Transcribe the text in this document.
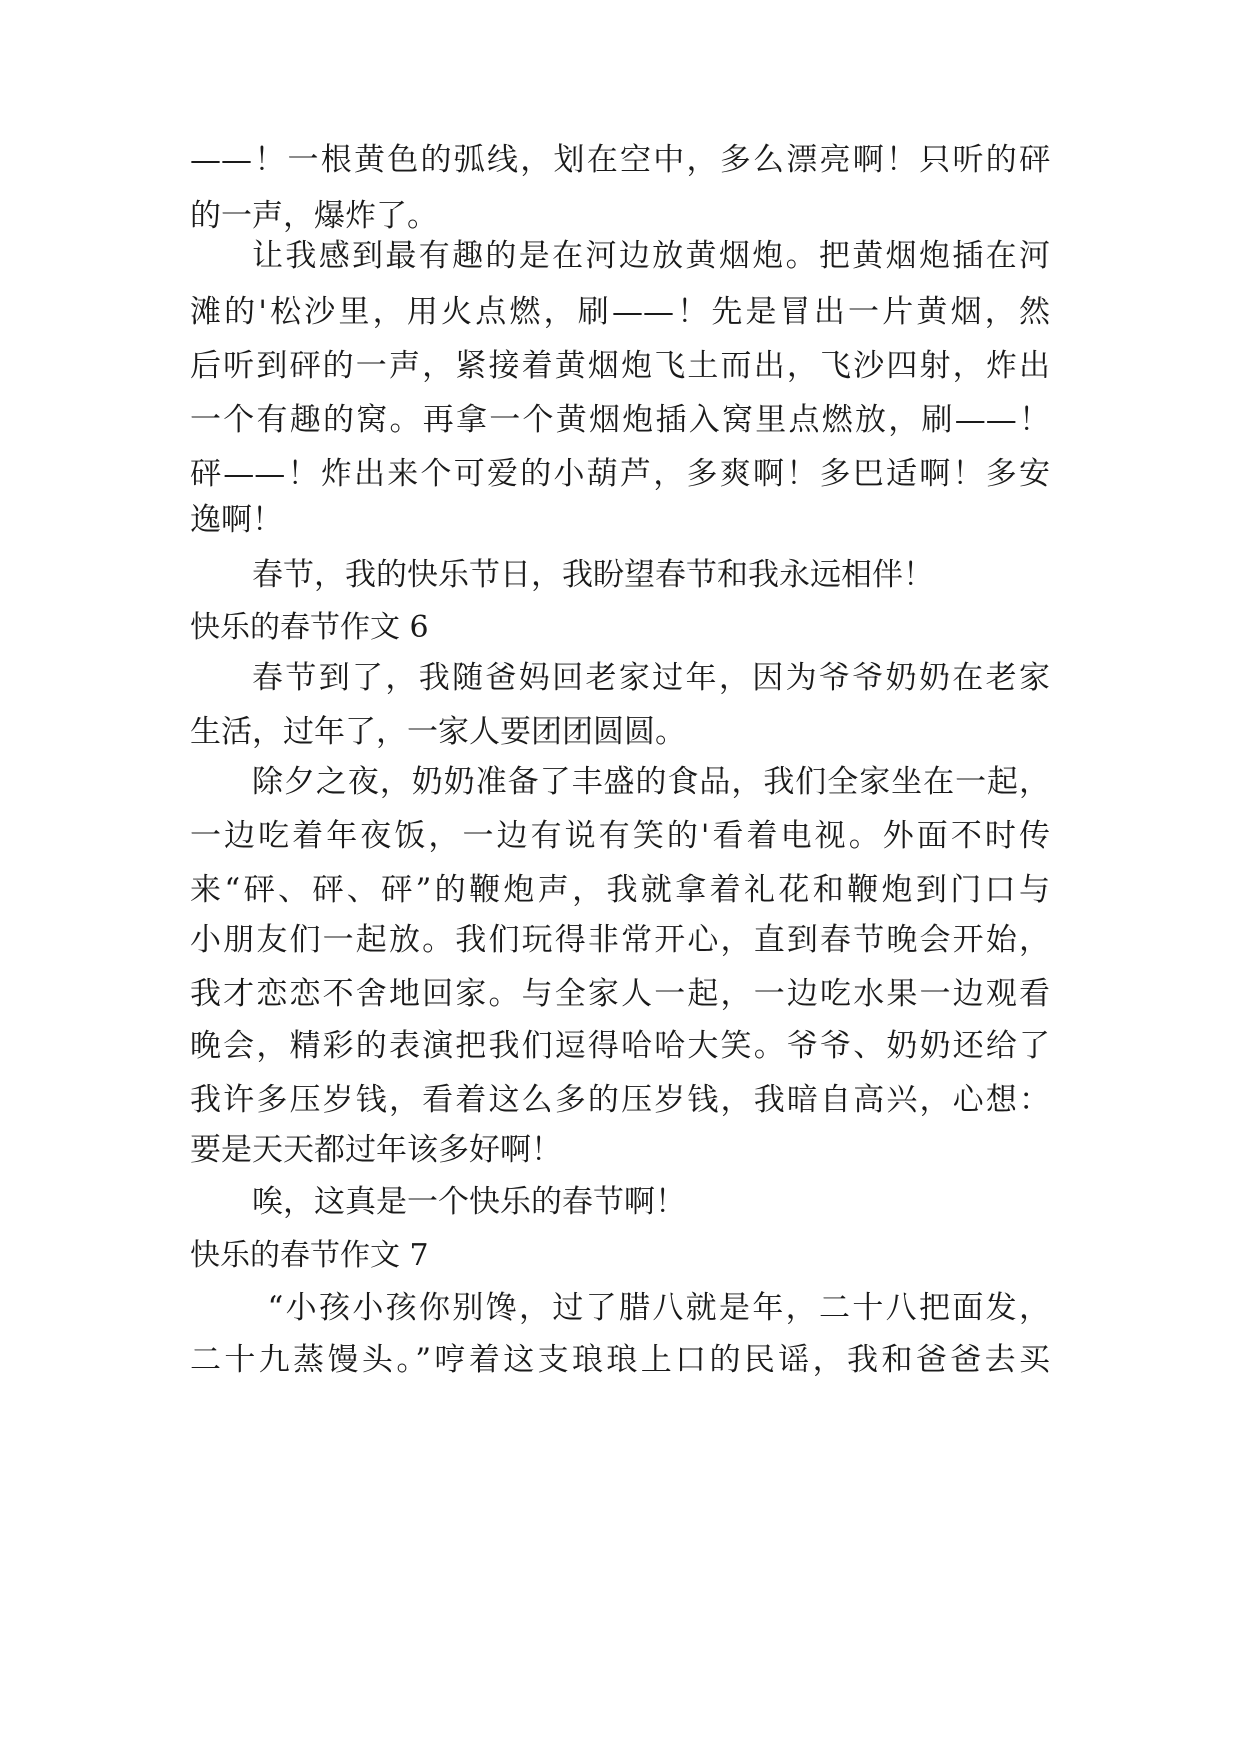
——！一根黄色的弧线，划在空中，多么漂亮啊！只听的砰
的一声，爆炸了。
让我感到最有趣的是在河边放黄烟炮。把黄烟炮插在河
滩的'松沙里，用火点燃，刷——！先是冒出一片黄烟，然
后听到砰的一声，紧接着黄烟炮飞土而出，飞沙四射，炸出
一个有趣的窝。再拿一个黄烟炮插入窝里点燃放，刷——！
砰——！炸出来个可爱的小葫芦，多爽啊！多巴适啊！多安
逸啊！
春节，我的快乐节日，我盼望春节和我永远相伴！
快乐的春节作文 6
春节到了，我随爸妈回老家过年，因为爷爷奶奶在老家
生活，过年了，一家人要团团圆圆。
除夕之夜，奶奶准备了丰盛的食品，我们全家坐在一起，
一边吃着年夜饭，一边有说有笑的'看着电视。外面不时传
来“砰、砰、砰”的鞭炮声，我就拿着礼花和鞭炮到门口与
小朋友们一起放。我们玩得非常开心，直到春节晚会开始，
我才恋恋不舍地回家。与全家人一起，一边吃水果一边观看
晚会，精彩的表演把我们逗得哈哈大笑。爷爷、奶奶还给了
我许多压岁钱，看着这么多的压岁钱，我暗自高兴，心想：
要是天天都过年该多好啊！
唉，这真是一个快乐的春节啊！
快乐的春节作文 7
“小孩小孩你别馋，过了腊八就是年，二十八把面发，
二十九蒸馒头。”哼着这支琅琅上口的民谣，我和爸爸去买
